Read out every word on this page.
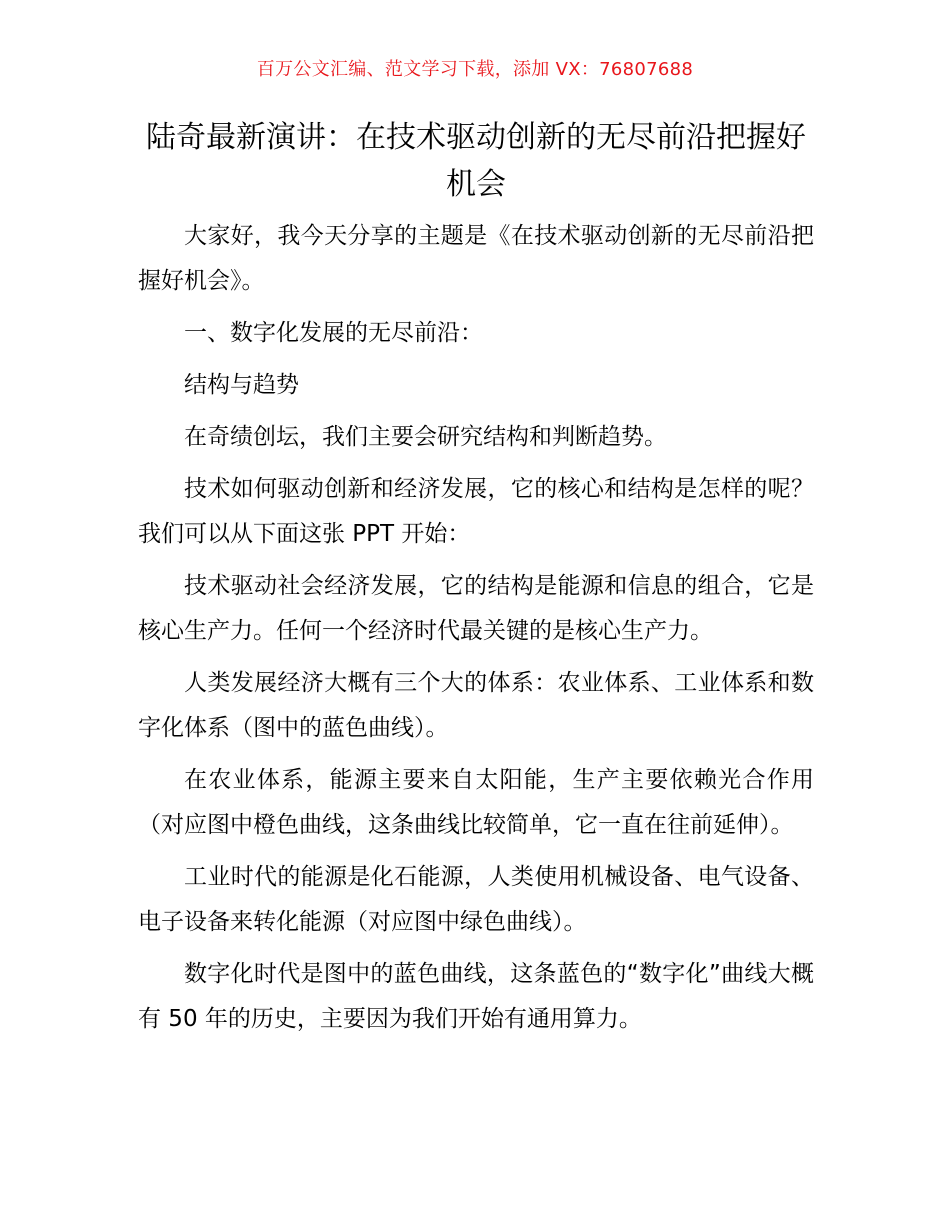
百万公文汇编、范文学习下载，添加 VX：76807688
陆奇最新演讲：在技术驱动创新的无尽前沿把握好机会

大家好，我今天分享的主题是《在技术驱动创新的无尽前沿把握好机会》。

一、数字化发展的无尽前沿：

结构与趋势

在奇绩创坛，我们主要会研究结构和判断趋势。

技术如何驱动创新和经济发展，它的核心和结构是怎样的呢？我们可以从下面这张 PPT 开始：

技术驱动社会经济发展，它的结构是能源和信息的组合，它是核心生产力。任何一个经济时代最关键的是核心生产力。

人类发展经济大概有三个大的体系：农业体系、工业体系和数字化体系（图中的蓝色曲线）。

在农业体系，能源主要来自太阳能，生产主要依赖光合作用（对应图中橙色曲线，这条曲线比较简单，它一直在往前延伸）。

工业时代的能源是化石能源，人类使用机械设备、电气设备、电子设备来转化能源（对应图中绿色曲线）。

数字化时代是图中的蓝色曲线，这条蓝色的“数字化”曲线大概有 50 年的历史，主要因为我们开始有通用算力。
